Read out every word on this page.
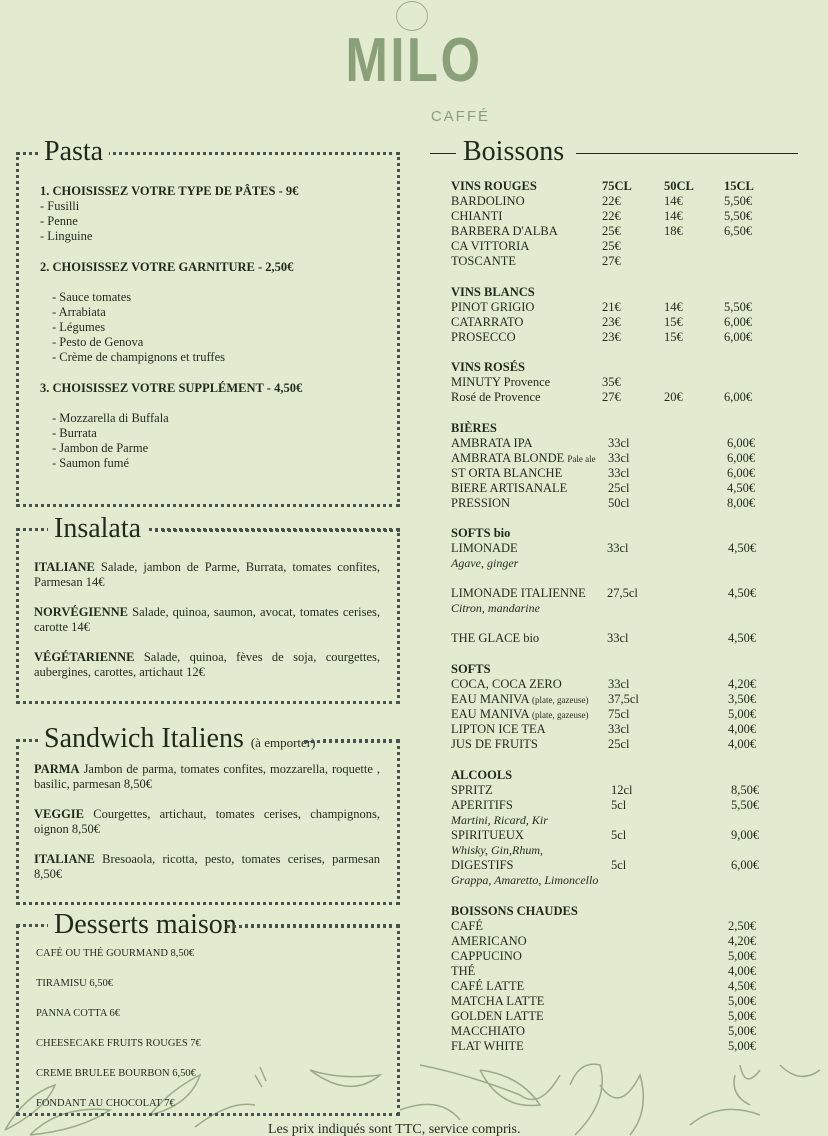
MILO
CAFFÉ
Pasta
1. CHOISISSEZ VOTRE TYPE DE PÂTES - 9€
- Fusilli
- Penne
- Linguine
2. CHOISISSEZ VOTRE GARNITURE - 2,50€
- Sauce tomates
- Arrabiata
- Légumes
- Pesto de Genova
- Crème de champignons et truffes
3. CHOISISSEZ VOTRE SUPPLÉMENT - 4,50€
- Mozzarella di Buffala
- Burrata
- Jambon de Parme
- Saumon fumé
Insalata
ITALIANE Salade, jambon de Parme, Burrata, tomates confites, Parmesan 14€
NORVÉGIENNE Salade, quinoa, saumon, avocat, tomates cerises, carotte 14€
VÉGÉTARIENNE Salade, quinoa, fèves de soja, courgettes, aubergines, carottes, artichaut 12€
Sandwich Italiens (à emporter)
PARMA Jambon de parma, tomates confites, mozzarella, roquette , basilic, parmesan 8,50€
VEGGIE Courgettes, artichaut, tomates cerises, champignons, oignon 8,50€
ITALIANE Bresoaola, ricotta, pesto, tomates cerises, parmesan 8,50€
Desserts maison
CAFÉ OU THÉ GOURMAND 8,50€
TIRAMISU 6,50€
PANNA COTTA 6€
CHEESECAKE FRUITS ROUGES 7€
CREME BRULEE BOURBON 6,50€
FONDANT AU CHOCOLAT 7€
Boissons
VINS ROUGES	75CL	50CL 15CL
BARDOLINO	22€	14€	5,50€
CHIANTI	22€	14€	5,50€
BARBERA D'ALBA	25€	18€	6,50€
CA VITTORIA	25€
TOSCANTE	27€
VINS BLANCS
PINOT GRIGIO	21€	14€	5,50€
CATARRATO	23€	15€	6,00€
PROSECCO	23€	15€	6,00€
VINS ROSÉS
MINUTY Provence	35€
Rosé de Provence	27€	20€	6,00€
BIÈRES
AMBRATA IPA	33cl	6,00€
AMBRATA BLONDE Pale ale 33cl	6,00€
ST ORTA BLANCHE	33cl	6,00€
BIERE ARTISANALE	25cl	4,50€
PRESSION	50cl	8,00€
SOFTS bio
LIMONADE	33cl	4,50€
Agave, ginger
LIMONADE ITALIENNE 27,5cl	4,50€
Citron, mandarine
THE GLACE bio	33cl	4,50€
SOFTS
COCA, COCA ZERO	33cl	4,20€
EAU MANIVA (plate, gazeuse) 37,5cl	3,50€
EAU MANIVA (plate, gazeuse) 75cl	5,00€
LIPTON ICE TEA	33cl	4,00€
JUS DE FRUITS	25cl	4,00€
ALCOOLS
SPRITZ	12cl	8,50€
APERITIFS	5cl	5,50€
Martini, Ricard, Kir
SPIRITUEUX	5cl	9,00€
Whisky, Gin,Rhum,
DIGESTIFS	5cl	6,00€
Grappa, Amaretto, Limoncello
BOISSONS CHAUDES
CAFÉ	2,50€
AMERICANO	4,20€
CAPPUCINO	5,00€
THÉ	4,00€
CAFÉ LATTE	4,50€
MATCHA LATTE	5,00€
GOLDEN LATTE	5,00€
MACCHIATO	5,00€
FLAT WHITE	5,00€
Les prix indiqués sont TTC, service compris.
